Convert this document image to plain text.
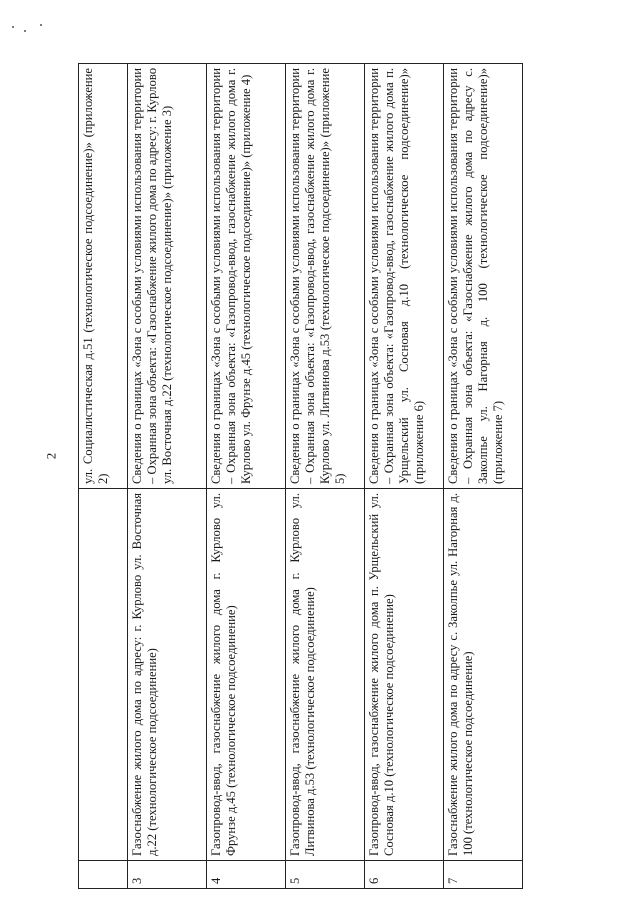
2
		ул. Социалистическая д.51 (технологическое подсоединение)» (приложение 2)
3	Газоснабжение жилого дома по адресу: г. Курлово ул. Восточная д.22 (технологическое подсоединение)	Сведения о границах «Зона с особыми условиями использования территории – Охранная зона объекта: «Газоснабжение жилого дома по адресу: г. Курлово ул. Восточная д.22 (технологическое подсоединение)» (приложение 3)
4	Газопровод-ввод, газоснабжение жилого дома г. Курлово ул. Фрунзе д.45 (технологическое подсоединение)	Сведения о границах «Зона с особыми условиями использования территории – Охранная зона объекта: «Газопровод-ввод, газоснабжение жилого дома г. Курлово ул. Фрунзе д.45 (технологическое подсоединение)» (приложение 4)
5	Газопровод-ввод, газоснабжение жилого дома г. Курлово ул. Литвинова д.53 (технологическое подсоединение)	Сведения о границах «Зона с особыми условиями использования территории – Охранная зона объекта: «Газопровод-ввод, газоснабжение жилого дома г. Курлово ул. Литвинова д.53 (технологическое подсоединение)» (приложение 5)
6	Газопровод-ввод, газоснабжение жилого дома п. Урщельский ул. Сосновая д.10 (технологическое подсоединение)	Сведения о границах «Зона с особыми условиями использования территории – Охранная зона объекта: «Газопровод-ввод, газоснабжение жилого дома п. Урщельский ул. Сосновая д.10 (технологическое подсоединение)» (приложение 6)
7	Газоснабжение жилого дома по адресу с. Заколпье ул. Нагорная д. 100 (технологическое подсоединение)	Сведения о границах «Зона с особыми условиями использования территории – Охранная зона объекта: «Газоснабжение жилого дома по адресу с. Заколпье ул. Нагорная д. 100 (технологическое подсоединение)» (приложение 7)
